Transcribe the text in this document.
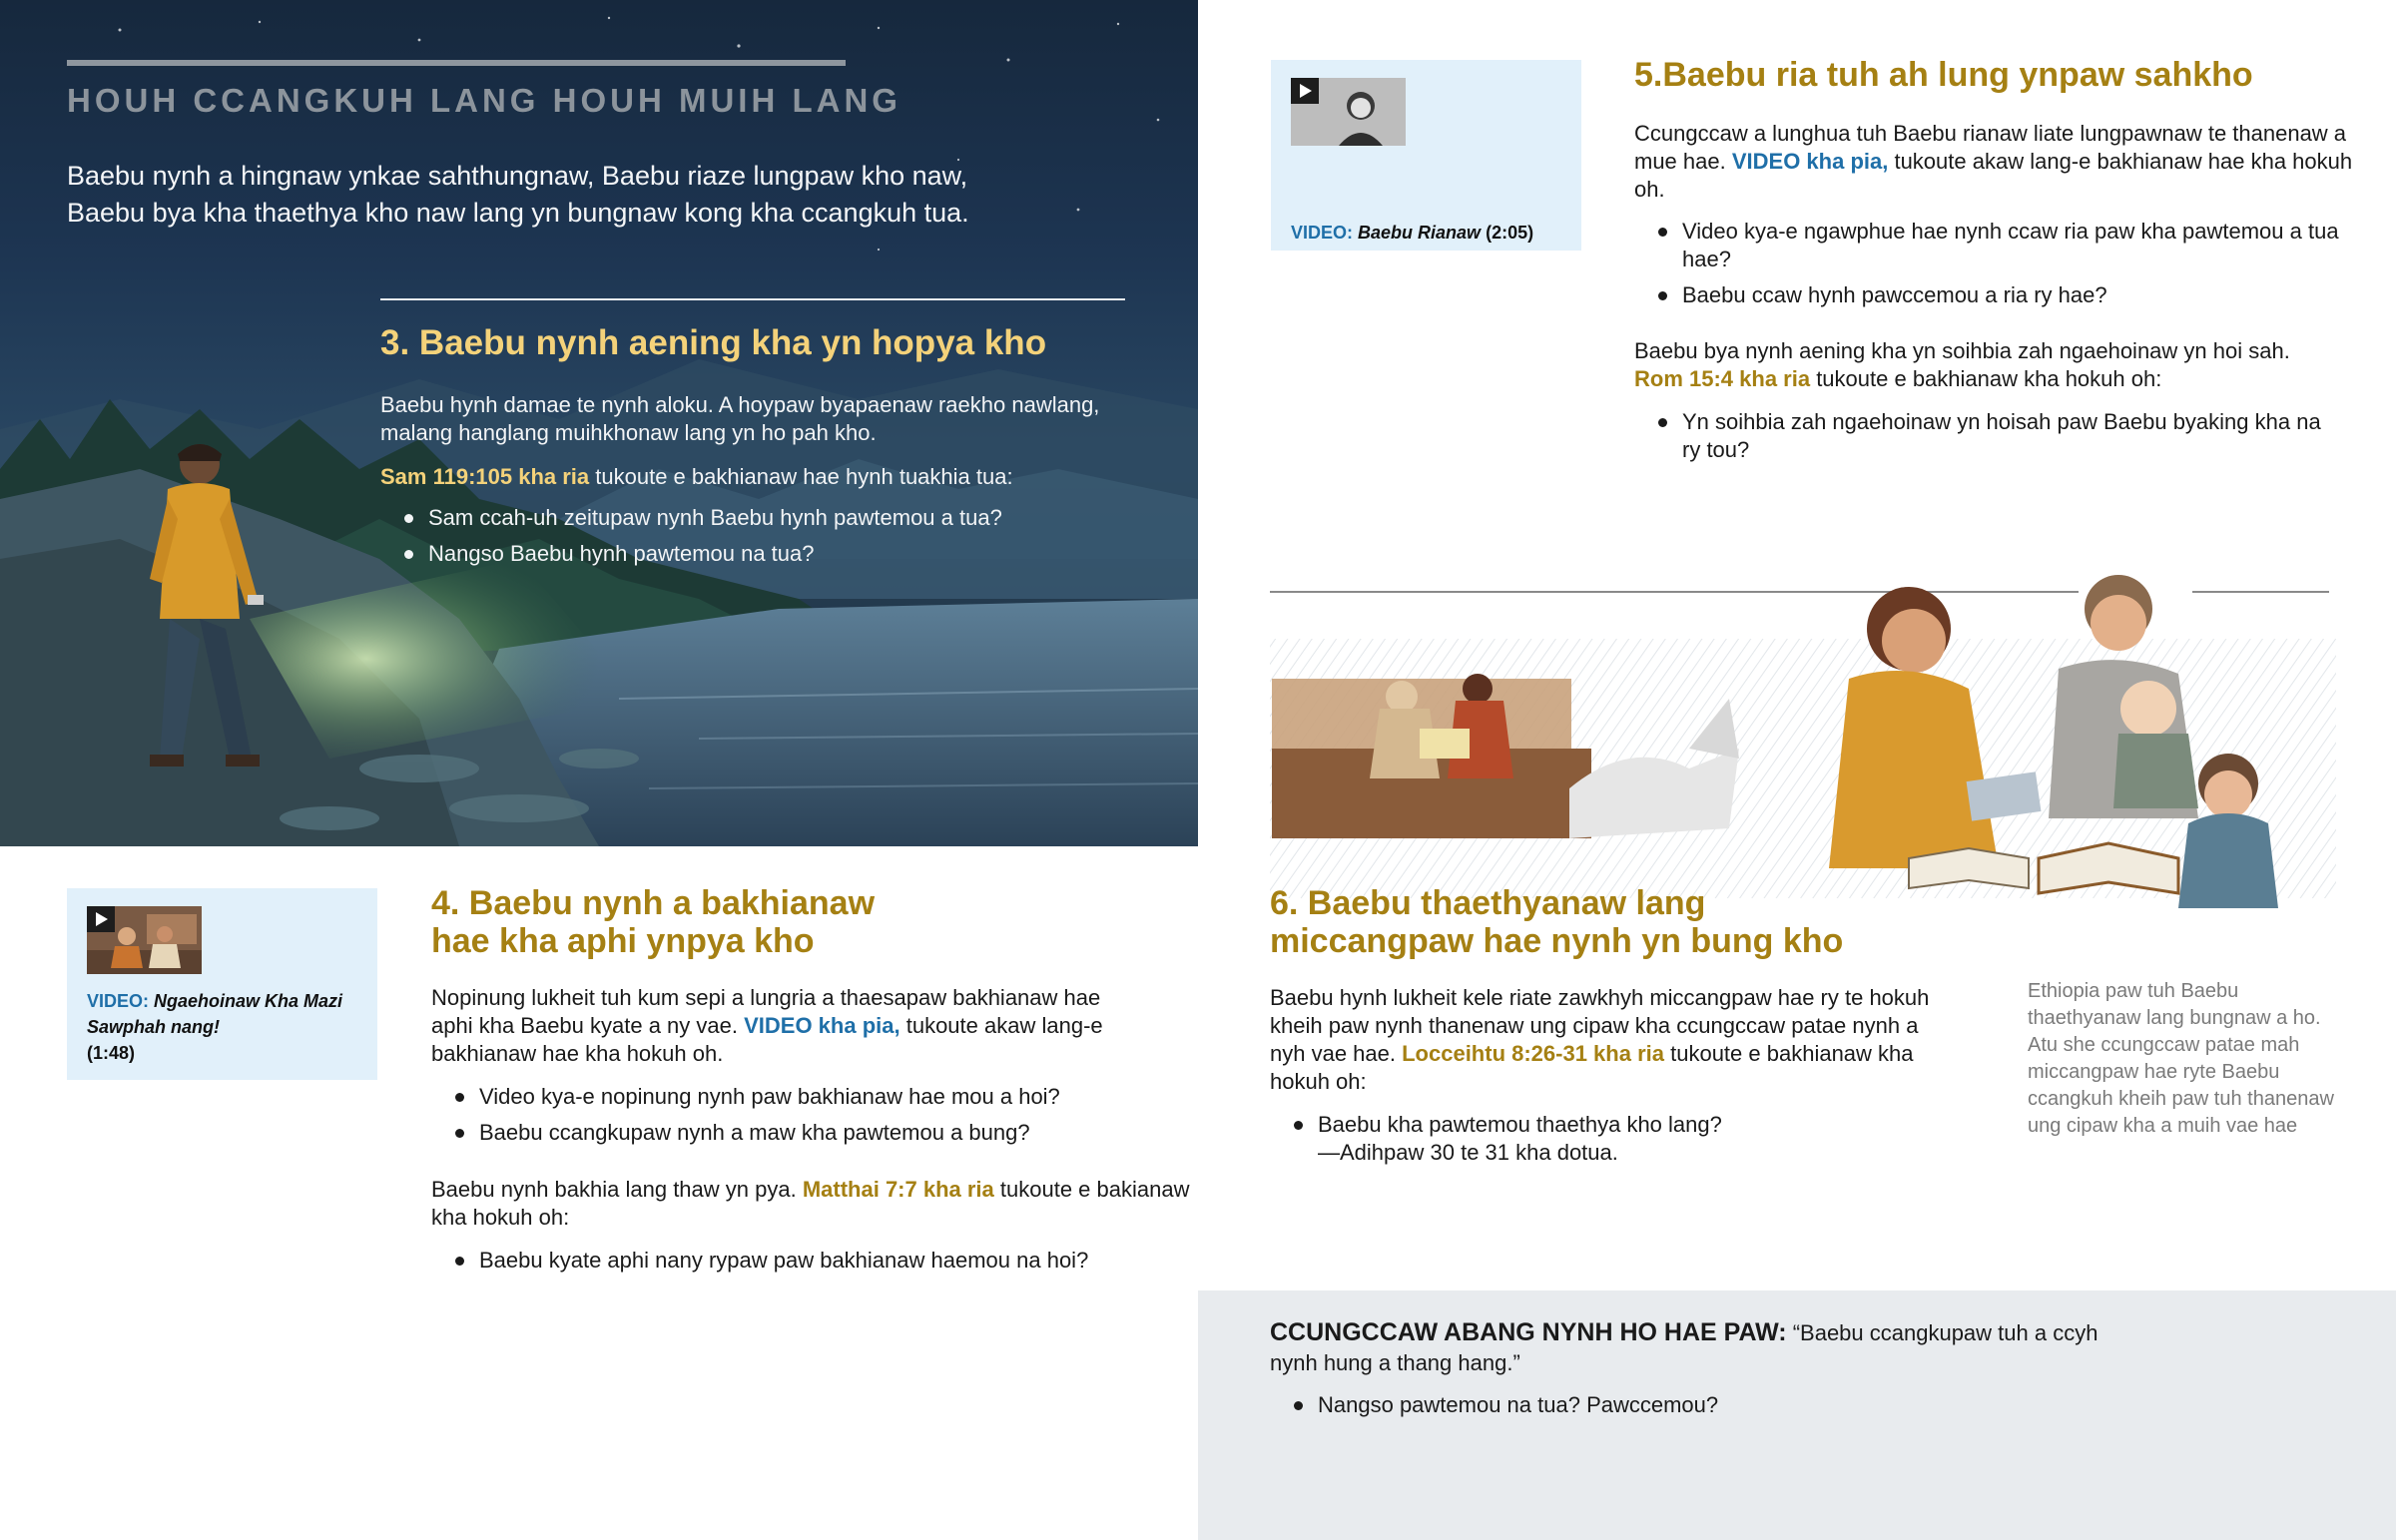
HOUH CCANGKUH LANG HOUH MUIH LANG
Baebu nynh a hingnaw ynkae sahthungnaw, Baebu riaze lungpaw kho naw, Baebu bya kha thaethya kho naw lang yn bungnaw kong kha ccangkuh tua.
3. Baebu nynh aening kha yn hopya kho
Baebu hynh damae te nynh aloku. A hoypaw byapaenaw raekho nawlang, malang hanglang muihkhonaw lang yn ho pah kho.
Sam 119:105 kha ria tukoute e bakhianaw hae hynh tuakhia tua:
Sam ccah-uh zeitupaw nynh Baebu hynh pawtemou a tua?
Nangso Baebu hynh pawtemou na tua?
VIDEO: Ngaehoinaw Kha Mazi Sawphah nang!
(1:48)
4. Baebu nynh a bakhianaw
hae kha aphi ynpya kho
Nopinung lukheit tuh kum sepi a lungria a thaesapaw bakhianaw hae aphi kha Baebu kyate a ny vae. VIDEO kha pia, tukoute akaw lang-e bakhianaw hae kha hokuh oh.
Video kya-e nopinung nynh paw bakhianaw hae mou a hoi?
Baebu ccangkupaw nynh a maw kha pawtemou a bung?
Baebu nynh bakhia lang thaw yn pya. Matthai 7:7 kha ria tukoute e bakianaw kha hokuh oh:
Baebu kyate aphi nany rypaw paw bakhianaw haemou na hoi?
VIDEO: Baebu Rianaw (2:05)
5.Baebu ria tuh ah lung ynpaw sahkho
Ccungccaw a lunghua tuh Baebu rianaw liate lungpawnaw te thanenaw a mue hae. VIDEO kha pia, tukoute akaw lang-e bakhianaw hae kha hokuh oh.
Video kya-e ngawphue hae nynh ccaw ria paw kha pawtemou a tua hae?
Baebu ccaw hynh pawccemou a ria ry hae?
Baebu bya nynh aening kha yn soihbia zah ngaehoinaw yn hoi sah.
Rom 15:4 kha ria tukoute e bakhianaw kha hokuh oh:
Yn soihbia zah ngaehoinaw yn hoisah paw Baebu byaking kha na ry tou?
6. Baebu thaethyanaw lang
miccangpaw hae nynh yn bung kho
Baebu hynh lukheit kele riate zawkhyh miccangpaw hae ry te hokuh kheih paw nynh thanenaw ung cipaw kha ccungccaw patae nynh a nyh vae hae. Locceihtu 8:26-31 kha ria tukoute e bakhianaw kha hokuh oh:
Baebu kha pawtemou thaethya kho lang?
—Adihpaw 30 te 31 kha dotua.
Ethiopia paw tuh Baebu thaethyanaw lang bungnaw a ho. Atu she ccungccaw patae mah miccangpaw hae ryte Baebu ccangkuh kheih paw tuh thanenaw ung cipaw kha a muih vae hae
CCUNGCCAW ABANG NYNH HO HAE PAW: “Baebu ccangkupaw tuh a ccyh nynh hung a thang hang.”
Nangso pawtemou na tua? Pawccemou?
